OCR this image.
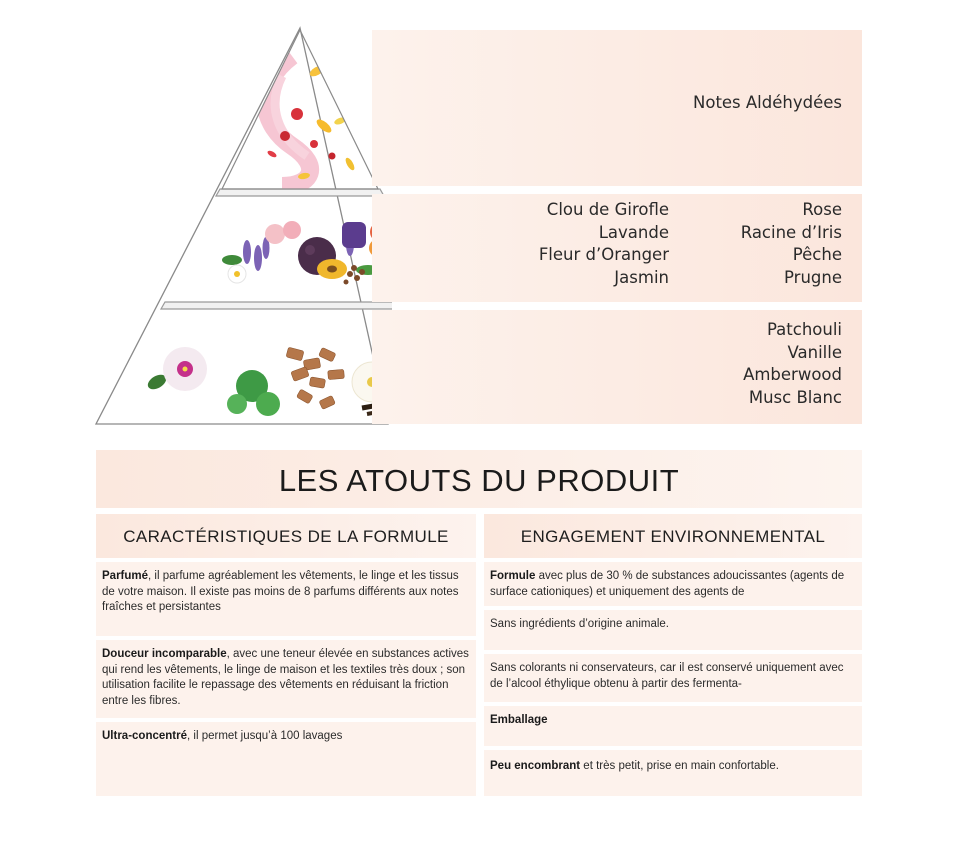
Notes Aldéhydées
Clou de Girofle
Lavande
Fleur d’Oranger
Jasmin
Rose
Racine d’Iris
Pêche
Prugne
Patchouli
Vanille
Amberwood
Musc Blanc
LES ATOUTS DU PRODUIT
CARACTÉRISTIQUES DE LA FORMULE	ENGAGEMENT ENVIRONNEMENTAL
Parfumé, il parfume agréablement les vêtements, le linge et les tissus de votre maison. Il existe pas moins de 8 parfums différents aux notes fraîches et persistantes
Douceur incomparable, avec une teneur élevée en substances actives qui rend les vêtements, le linge de maison et les textiles très doux ; son utilisation facilite le repassage des vêtements en réduisant la friction entre les fibres.
Ultra-concentré, il permet jusqu’à 100 lavages
Formule avec plus de 30 % de substances adoucissantes (agents de surface cationiques) et uniquement des agents de
Sans ingrédients d’origine animale.
Sans colorants ni conservateurs, car il est conservé uniquement avec de l’alcool éthylique obtenu à partir des fermenta-
Emballage
Peu encombrant et très petit, prise en main confortable.
